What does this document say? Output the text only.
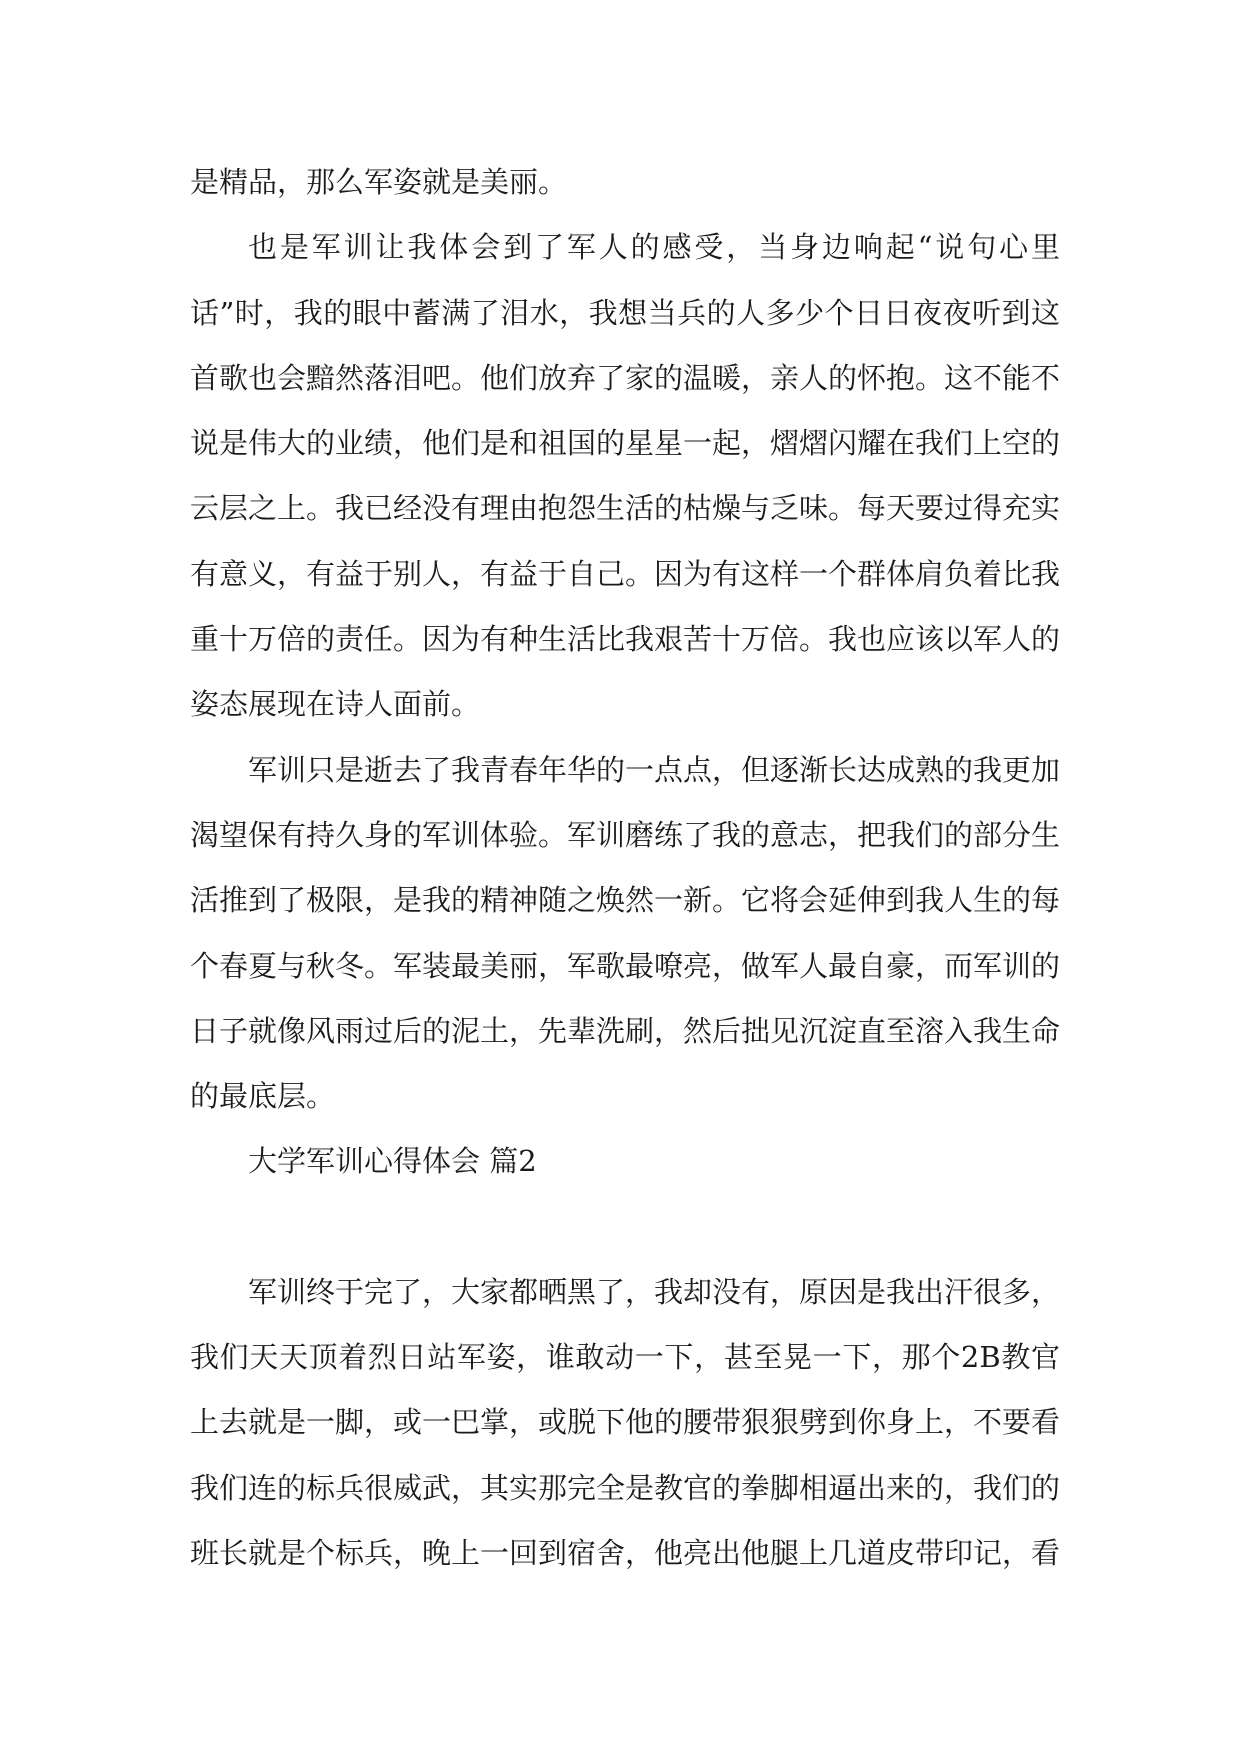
是精品，那么军姿就是美丽。

也是军训让我体会到了军人的感受，当身边响起“说句心里话”时，我的眼中蓄满了泪水，我想当兵的人多少个日日夜夜听到这首歌也会黯然落泪吧。他们放弃了家的温暖，亲人的怀抱。这不能不说是伟大的业绩，他们是和祖国的星星一起，熠熠闪耀在我们上空的云层之上。我已经没有理由抱怨生活的枯燥与乏味。每天要过得充实有意义，有益于别人，有益于自己。因为有这样一个群体肩负着比我重十万倍的责任。因为有种生活比我艰苦十万倍。我也应该以军人的姿态展现在诗人面前。

军训只是逝去了我青春年华的一点点，但逐渐长达成熟的我更加渴望保有持久身的军训体验。军训磨练了我的意志，把我们的部分生活推到了极限，是我的精神随之焕然一新。它将会延伸到我人生的每个春夏与秋冬。军装最美丽，军歌最嘹亮，做军人最自豪，而军训的日子就像风雨过后的泥土，先辈洗刷，然后拙见沉淀直至溶入我生命的最底层。

大学军训心得体会 篇2

军训终于完了，大家都晒黑了，我却没有，原因是我出汗很多，我们天天顶着烈日站军姿，谁敢动一下，甚至晃一下，那个2B教官上去就是一脚，或一巴掌，或脱下他的腰带狠狠劈到你身上，不要看我们连的标兵很威武，其实那完全是教官的拳脚相逼出来的，我们的班长就是个标兵，晚上一回到宿舍，他亮出他腿上几道皮带印记，看
